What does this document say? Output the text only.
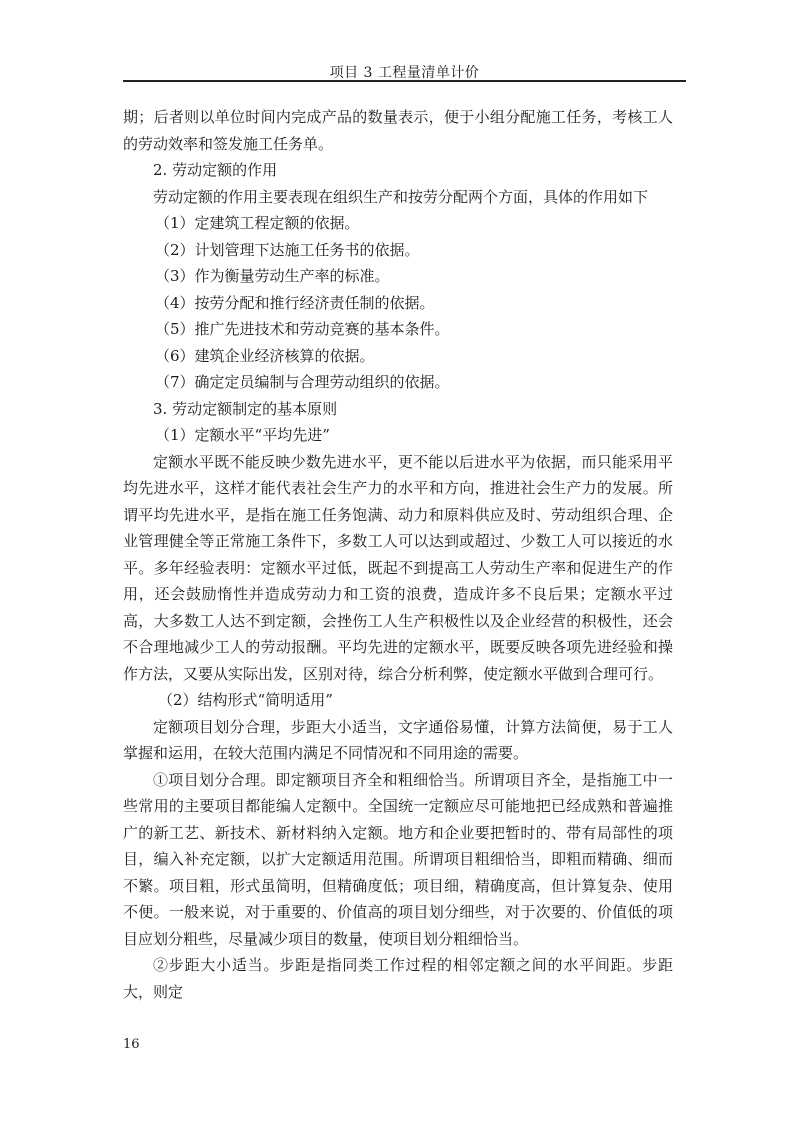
项目 3 工程量清单计价

期；后者则以单位时间内完成产品的数量表示，便于小组分配施工任务，考核工人的劳动效率和签发施工任务单。

2. 劳动定额的作用

劳动定额的作用主要表现在组织生产和按劳分配两个方面，具体的作用如下

（1）定建筑工程定额的依据。

（2）计划管理下达施工任务书的依据。

（3）作为衡量劳动生产率的标准。

（4）按劳分配和推行经济责任制的依据。

（5）推广先进技术和劳动竞赛的基本条件。

（6）建筑企业经济核算的依据。

（7）确定定员编制与合理劳动组织的依据。

3. 劳动定额制定的基本原则

（1）定额水平“平均先进”

定额水平既不能反映少数先进水平，更不能以后进水平为依据，而只能采用平均先进水平，这样才能代表社会生产力的水平和方向，推进社会生产力的发展。所谓平均先进水平，是指在施工任务饱满、动力和原料供应及时、劳动组织合理、企业管理健全等正常施工条件下，多数工人可以达到或超过、少数工人可以接近的水平。多年经验表明：定额水平过低，既起不到提高工人劳动生产率和促进生产的作用，还会鼓励惰性并造成劳动力和工资的浪费，造成许多不良后果；定额水平过高，大多数工人达不到定额，会挫伤工人生产积极性以及企业经营的积极性，还会不合理地减少工人的劳动报酬。平均先进的定额水平，既要反映各项先进经验和操作方法，又要从实际出发，区别对待，综合分析利弊，使定额水平做到合理可行。

（2）结构形式“简明适用”

定额项目划分合理，步距大小适当，文字通俗易懂，计算方法简便，易于工人掌握和运用，在较大范围内满足不同情况和不同用途的需要。

①项目划分合理。即定额项目齐全和粗细恰当。所谓项目齐全，是指施工中一些常用的主要项目都能编人定额中。全国统一定额应尽可能地把已经成熟和普遍推广的新工艺、新技术、新材料纳入定额。地方和企业要把暂时的、带有局部性的项目，编入补充定额，以扩大定额适用范围。所谓项目粗细恰当，即粗而精确、细而不繁。项目粗，形式虽简明，但精确度低；项目细，精确度高，但计算复杂、使用不便。一般来说，对于重要的、价值高的项目划分细些，对于次要的、价值低的项目应划分粗些，尽量减少项目的数量，使项目划分粗细恰当。

②步距大小适当。步距是指同类工作过程的相邻定额之间的水平间距。步距大，则定

16
